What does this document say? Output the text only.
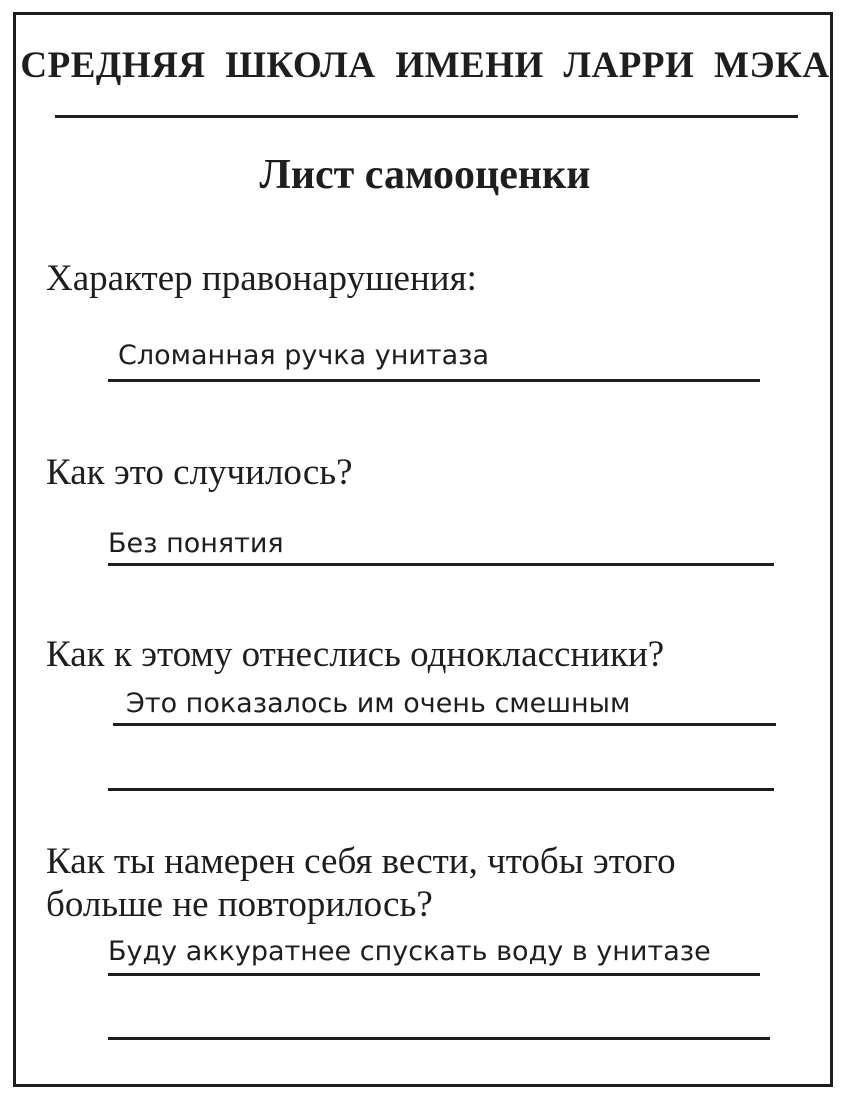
СРЕДНЯЯ ШКОЛА ИМЕНИ ЛАРРИ МЭКА
Лист самооценки
Характер правонарушения:
Сломанная ручка унитаза
Как это случилось?
Без понятия
Как к этому отнеслись одноклассники?
Это показалось им очень смешным
Как ты намерен себя вести, чтобы этого
больше не повторилось?
Буду аккуратнее спускать воду в унитазе
